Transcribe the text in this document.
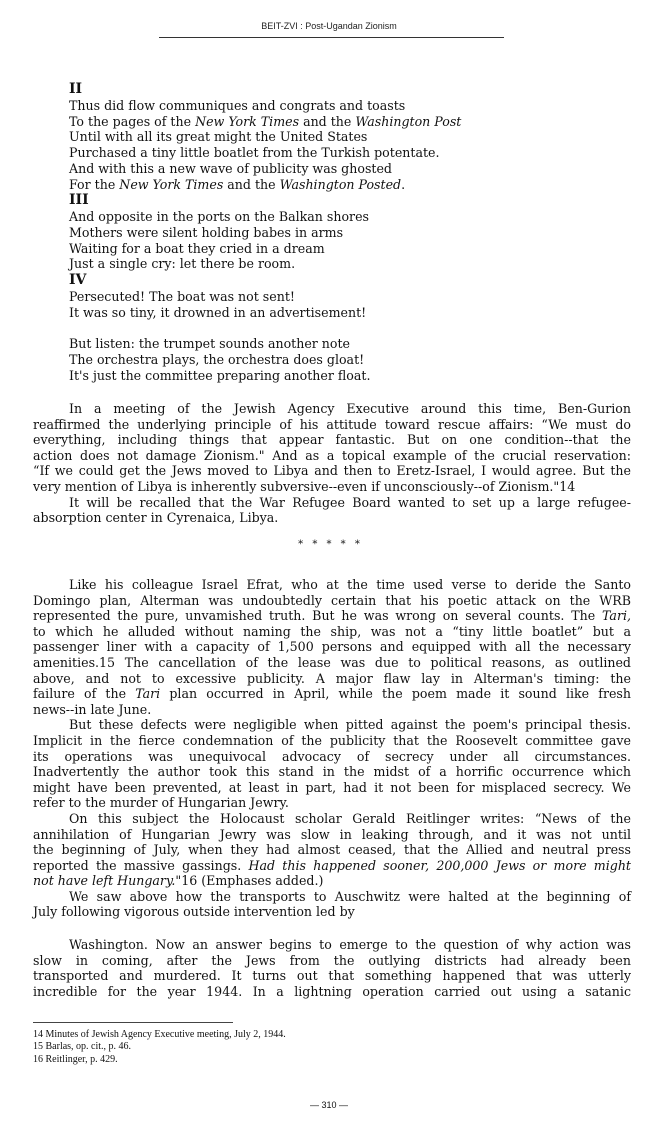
BEIT-ZVI : Post-Ugandan Zionism
II
Thus did flow communiques and congrats and toasts
To the pages of the New York Times and the Washington Post
Until with all its great might the United States
Purchased a tiny little boatlet from the Turkish potentate.
And with this a new wave of publicity was ghosted
For the New York Times and the Washington Posted.
III
And opposite in the ports on the Balkan shores
Mothers were silent holding babes in arms
Waiting for a boat they cried in a dream
Just a single cry: let there be room.
IV
Persecuted! The boat was not sent!
It was so tiny, it drowned in an advertisement!
But listen: the trumpet sounds another note
The orchestra plays, the orchestra does gloat!
It's just the committee preparing another float.
In a meeting of the Jewish Agency Executive around this time, Ben-Gurion
reaffirmed the underlying principle of his attitude toward rescue affairs: “We must do
everything, including things that appear fantastic. But on one condition--that the
action does not damage Zionism." And as a topical example of the crucial reservation:
“If we could get the Jews moved to Libya and then to Eretz-Israel, I would agree. But the
very mention of Libya is inherently subversive--even if unconsciously--of Zionism."14
It will be recalled that the War Refugee Board wanted to set up a large refugee-
absorption center in Cyrenaica, Libya.
* * * * *
Like his colleague Israel Efrat, who at the time used verse to deride the Santo
Domingo plan, Alterman was undoubtedly certain that his poetic attack on the WRB
represented the pure, unvamished truth. But he was wrong on several counts. The Tari,
to which he alluded without naming the ship, was not a “tiny little boatlet” but a
passenger liner with a capacity of 1,500 persons and equipped with all the necessary
amenities.15 The cancellation of the lease was due to political reasons, as outlined
above, and not to excessive publicity. A major flaw lay in Alterman's timing: the
failure of the Tari plan occurred in April, while the poem made it sound like fresh
news--in late June.
But these defects were negligible when pitted against the poem's principal thesis.
Implicit in the fierce condemnation of the publicity that the Roosevelt committee gave
its operations was unequivocal advocacy of secrecy under all circumstances.
Inadvertently the author took this stand in the midst of a horrific occurrence which
might have been prevented, at least in part, had it not been for misplaced secrecy. We
refer to the murder of Hungarian Jewry.
On this subject the Holocaust scholar Gerald Reitlinger writes: “News of the
annihilation of Hungarian Jewry was slow in leaking through, and it was not until
the beginning of July, when they had almost ceased, that the Allied and neutral press
reported the massive gassings. Had this happened sooner, 200,000 Jews or more might
not have left Hungary."16 (Emphases added.)
We saw above how the transports to Auschwitz were halted at the beginning of
July following vigorous outside intervention led by
Washington. Now an answer begins to emerge to the question of why action was
slow in coming, after the Jews from the outlying districts had already been
transported and murdered. It turns out that something happened that was utterly
incredible for the year 1944. In a lightning operation carried out using a satanic
14 Minutes of Jewish Agency Executive meeting, July 2, 1944.
15 Barlas, op. cit., p. 46.
16 Reitlinger, p. 429.
— 310 —
